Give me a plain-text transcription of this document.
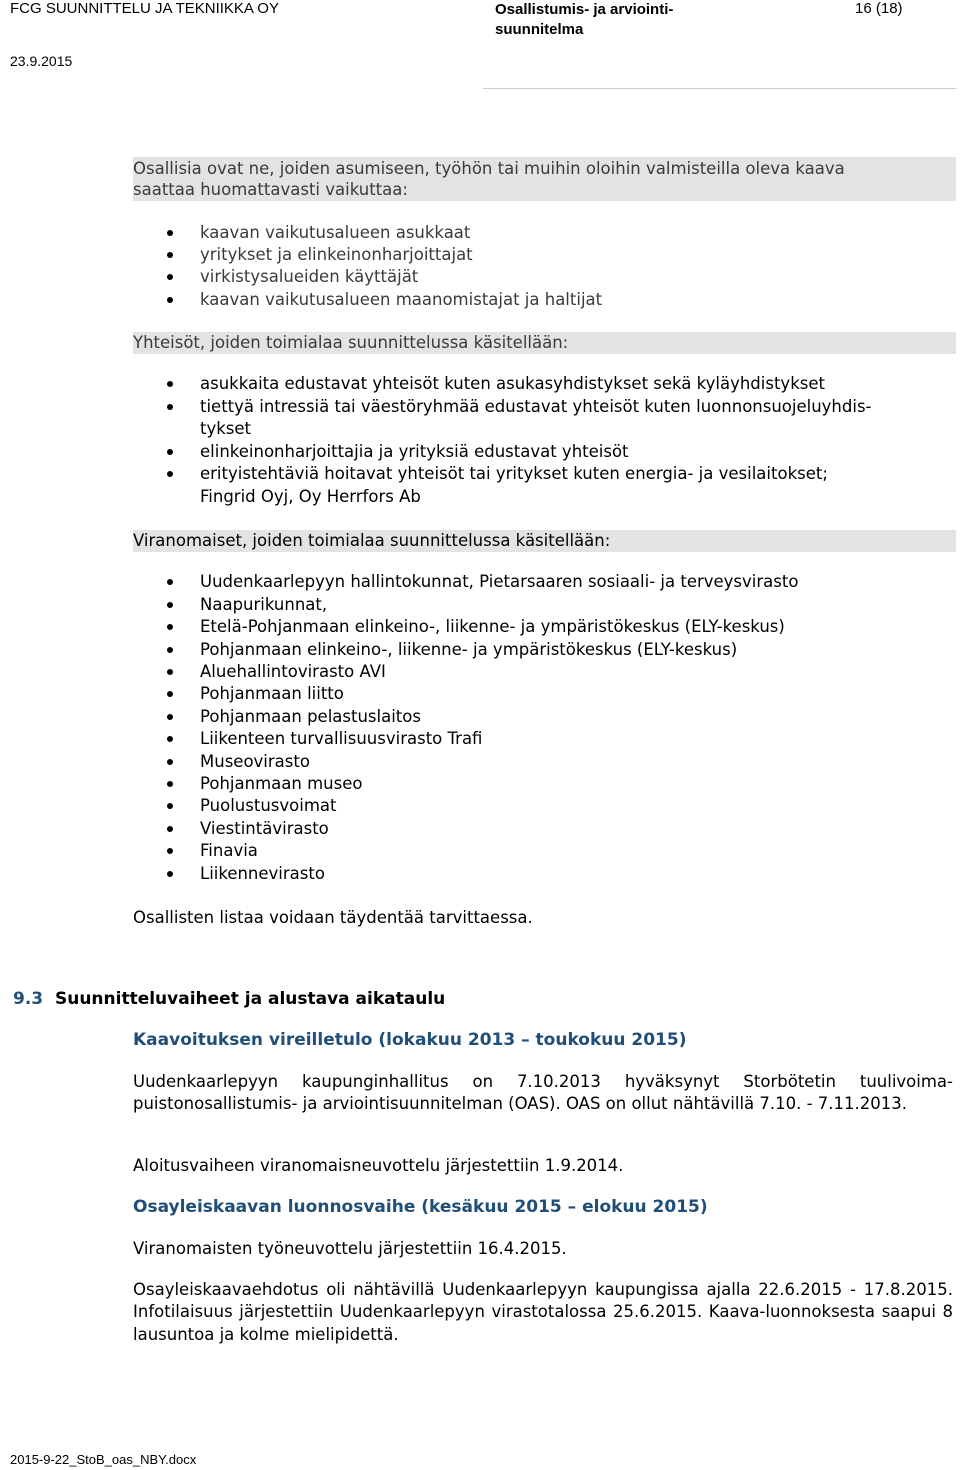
FCG SUUNNITTELU JA TEKNIIKKA OY
23.9.2015
Osallistumis- ja arviointi-suunnitelma
16 (18)
Osallisia ovat ne, joiden asumiseen, työhön tai muihin oloihin valmisteilla oleva kaava
saattaa huomattavasti vaikuttaa:
kaavan vaikutusalueen asukkaat
yritykset ja elinkeinonharjoittajat
virkistysalueiden käyttäjät
kaavan vaikutusalueen maanomistajat ja haltijat
Yhteisöt, joiden toimialaa suunnittelussa käsitellään:
asukkaita edustavat yhteisöt kuten asukasyhdistykset sekä kyläyhdistykset
tiettyä intressiä tai väestöryhmää edustavat yhteisöt kuten luonnonsuojeluyhdis-
tykset
elinkeinonharjoittajia ja yrityksiä edustavat yhteisöt
erityistehtäviä hoitavat yhteisöt tai yritykset kuten energia- ja vesilaitokset;
Fingrid Oyj, Oy Herrfors Ab
Viranomaiset, joiden toimialaa suunnittelussa käsitellään:
Uudenkaarlepyyn hallintokunnat, Pietarsaaren sosiaali- ja terveysvirasto
Naapurikunnat,
Etelä-Pohjanmaan elinkeino-, liikenne- ja ympäristökeskus (ELY-keskus)
Pohjanmaan elinkeino-, liikenne- ja ympäristökeskus (ELY-keskus)
Aluehallintovirasto AVI
Pohjanmaan liitto
Pohjanmaan pelastuslaitos
Liikenteen turvallisuusvirasto Trafi
Museovirasto
Pohjanmaan museo
Puolustusvoimat
Viestintävirasto
Finavia
Liikennevirasto
Osallisten listaa voidaan täydentää tarvittaessa.
9.3 Suunnitteluvaiheet ja alustava aikataulu
Kaavoituksen vireilletulo (lokakuu 2013 – toukokuu 2015)
Uudenkaarlepyyn kaupunginhallitus on 7.10.2013 hyväksynyt Storbötetin tuulivoima-puistonosallistumis- ja arviointisuunnitelman (OAS). OAS on ollut nähtävillä 7.10. - 7.11.2013.
Aloitusvaiheen viranomaisneuvottelu järjestettiin 1.9.2014.
Osayleiskaavan luonnosvaihe (kesäkuu 2015 – elokuu 2015)
Viranomaisten työneuvottelu järjestettiin 16.4.2015.
Osayleiskaavaehdotus oli nähtävillä Uudenkaarlepyyn kaupungissa ajalla 22.6.2015 - 17.8.2015. Infotilaisuus järjestettiin Uudenkaarlepyyn virastotalossa 25.6.2015. Kaava-luonnoksesta saapui 8 lausuntoa ja kolme mielipidettä.
2015-9-22_StoB_oas_NBY.docx
